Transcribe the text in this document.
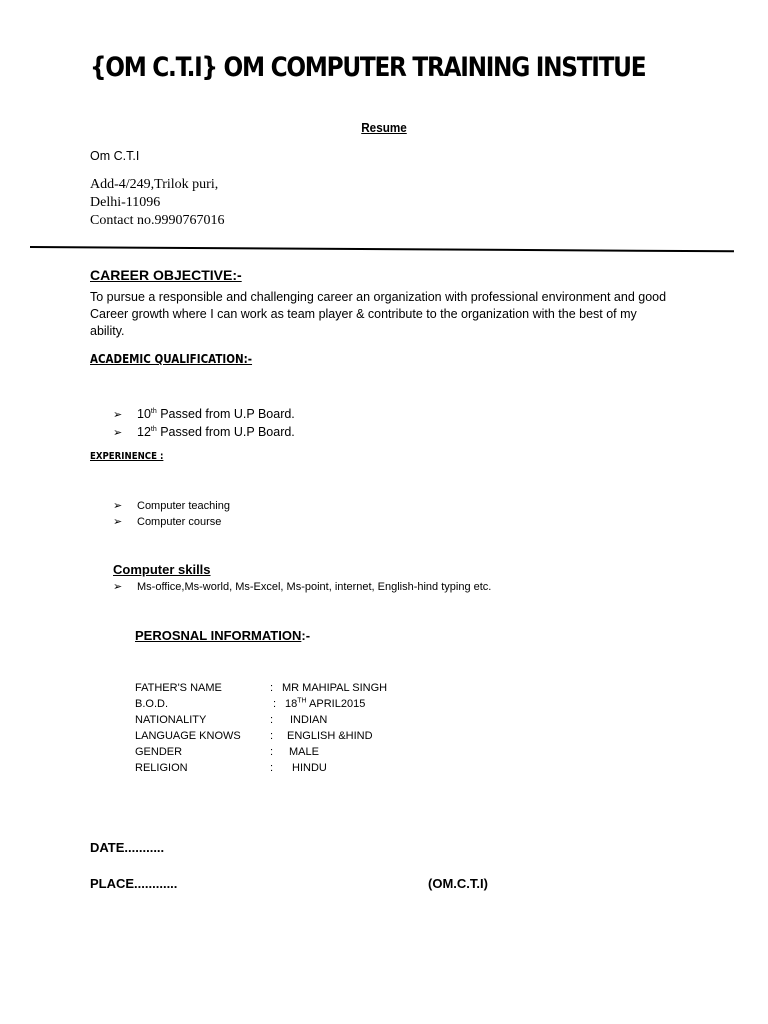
{OM C.T.I} OM COMPUTER TRAINING INSTITUE
Resume
Om C.T.I
Add-4/249,Trilok puri,
Delhi-11096
Contact no.9990767016
CAREER OBJECTIVE:-
To pursue a responsible and challenging career an organization with professional environment and good
Career growth where I can work as team player & contribute to the organization with the best of my
ability.
ACADEMIC QUALIFICATION:-
➢	10th Passed from U.P Board.
➢	12th Passed from U.P Board.
EXPERINENCE :
➢	Computer teaching
➢	Computer course
Computer skills
➢	Ms-office,Ms-world, Ms-Excel, Ms-point, internet, English-hind typing etc.
PEROSNAL INFORMATION:-
FATHER'S NAME	: MR MAHIPAL SINGH
B.O.D.	: 18TH APRIL2015
NATIONALITY	: INDIAN
LANGUAGE KNOWS	: ENGLISH &HIND
GENDER	: MALE
RELIGION	: HINDU
DATE...........
PLACE............	(OM.C.T.I)
